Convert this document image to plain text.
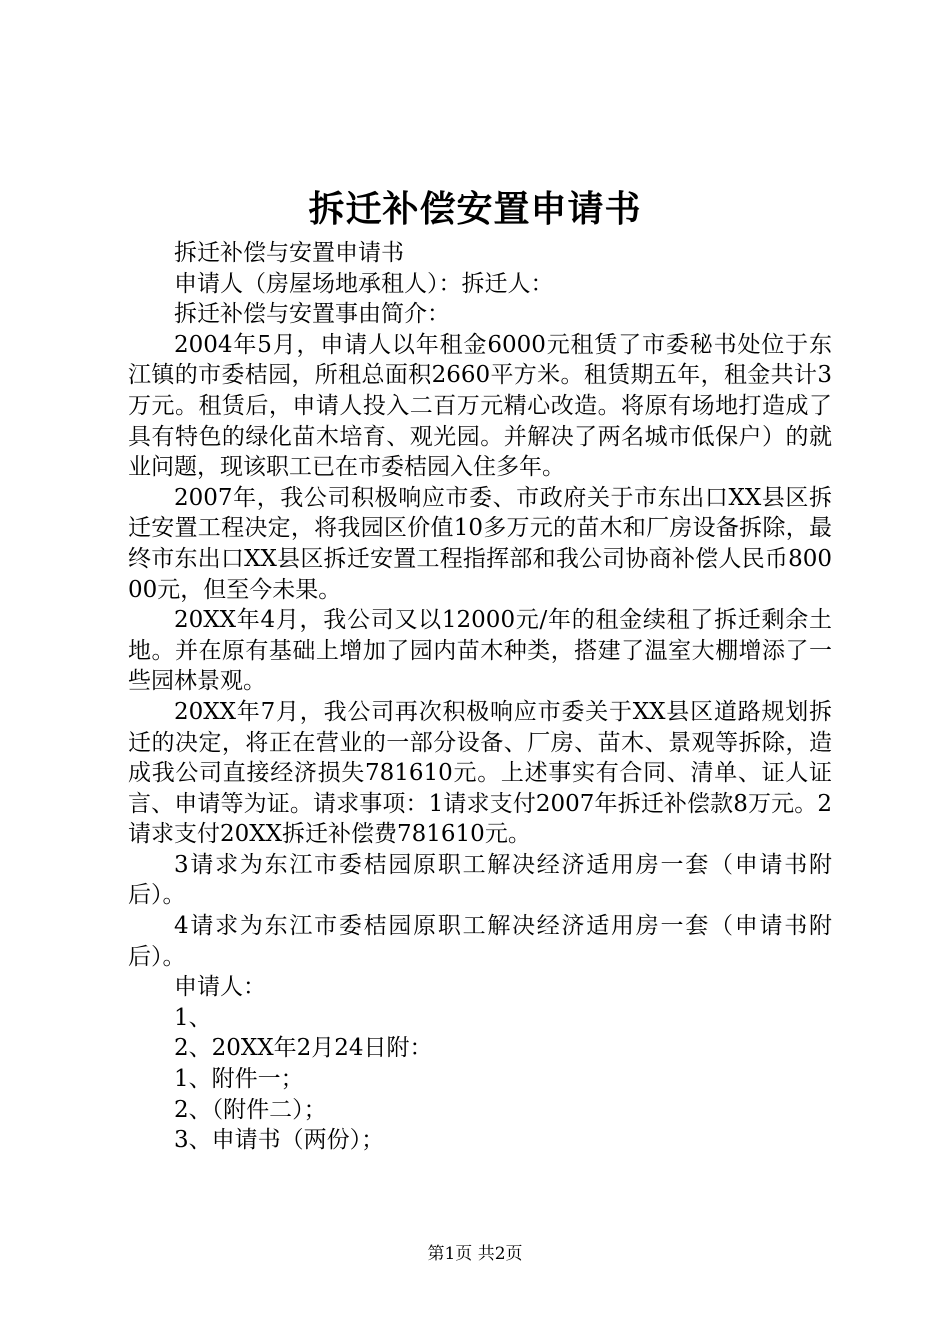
拆迁补偿安置申请书

拆迁补偿与安置申请书

申请人（房屋场地承租人）：拆迁人：

拆迁补偿与安置事由简介：

2004年5月，申请人以年租金6000元租赁了市委秘书处位于东江镇的市委桔园，所租总面积2660平方米。租赁期五年，租金共计3万元。租赁后，申请人投入二百万元精心改造。将原有场地打造成了具有特色的绿化苗木培育、观光园。并解决了两名城市低保户）的就业问题，现该职工已在市委桔园入住多年。

2007年，我公司积极响应市委、市政府关于市东出口XX县区拆迁安置工程决定，将我园区价值10多万元的苗木和厂房设备拆除，最终市东出口XX县区拆迁安置工程指挥部和我公司协商补偿人民币80000元，但至今未果。

20XX年4月，我公司又以12000元/年的租金续租了拆迁剩余土地。并在原有基础上增加了园内苗木种类，搭建了温室大棚增添了一些园林景观。

20XX年7月，我公司再次积极响应市委关于XX县区道路规划拆迁的决定，将正在营业的一部分设备、厂房、苗木、景观等拆除，造成我公司直接经济损失781610元。上述事实有合同、清单、证人证言、申请等为证。请求事项：1请求支付2007年拆迁补偿款8万元。2请求支付20XX拆迁补偿费781610元。

3请求为东江市委桔园原职工解决经济适用房一套（申请书附后）。

4请求为东江市委桔园原职工解决经济适用房一套（申请书附后）。

申请人：

1、

2、20XX年2月24日附：

1、附件一；

2、（附件二）；

3、申请书（两份）；

第1页 共2页
